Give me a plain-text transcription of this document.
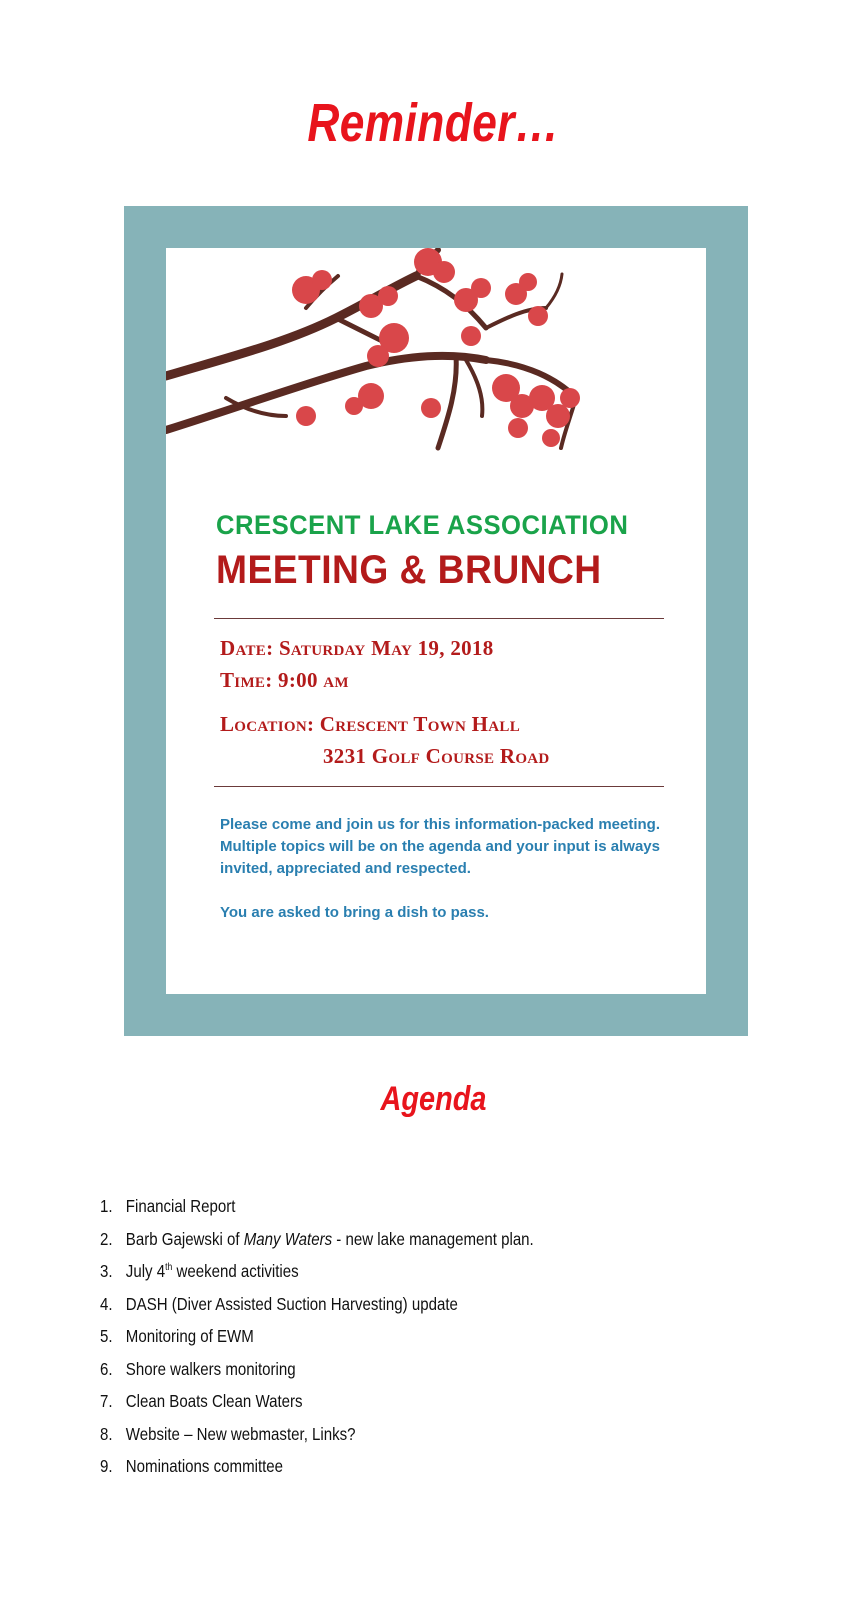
Reminder…
CRESCENT LAKE ASSOCIATION
MEETING & BRUNCH
Date: Saturday May 19, 2018
Time: 9:00 am
Location: Crescent Town Hall
3231 Golf Course Road
Please come and join us for this information-packed meeting. Multiple topics will be on the agenda and your input is always invited, appreciated and respected.
You are asked to bring a dish to pass.
Agenda
1. Financial Report
2. Barb Gajewski of Many Waters - new lake management plan.
3. July 4th weekend activities
4. DASH (Diver Assisted Suction Harvesting) update
5. Monitoring of EWM
6. Shore walkers monitoring
7. Clean Boats Clean Waters
8. Website – New webmaster, Links?
9. Nominations committee
